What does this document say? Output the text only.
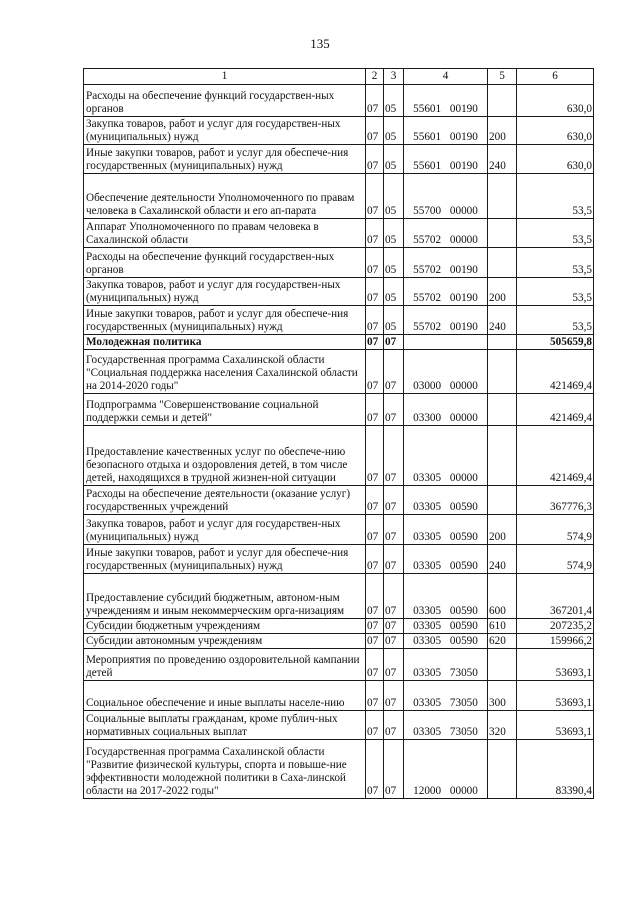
135
1	2	3	4	5	6
Расходы на обеспечение функций государствен-ных органов	07	05	55601 00190		630,0
Закупка товаров, работ и услуг для государствен-ных (муниципальных) нужд	07	05	55601 00190	200	630,0
Иные закупки товаров, работ и услуг для обеспече-ния государственных (муниципальных) нужд	07	05	55601 00190	240	630,0
Обеспечение деятельности Уполномоченного по правам человека в Сахалинской области и его ап-парата	07	05	55700 00000		53,5
Аппарат Уполномоченного по правам человека в Сахалинской области	07	05	55702 00000		53,5
Расходы на обеспечение функций государствен-ных органов	07	05	55702 00190		53,5
Закупка товаров, работ и услуг для государствен-ных (муниципальных) нужд	07	05	55702 00190	200	53,5
Иные закупки товаров, работ и услуг для обеспече-ния государственных (муниципальных) нужд	07	05	55702 00190	240	53,5
Молодежная политика	07	07			505659,8
Государственная программа Сахалинской области "Социальная поддержка населения Сахалинской области на 2014-2020 годы"	07	07	03000 00000		421469,4
Подпрограмма "Совершенствование социальной поддержки семьи и детей"	07	07	03300 00000		421469,4
Предоставление качественных услуг по обеспече-нию безопасного отдыха и оздоровления детей, в том числе детей, находящихся в трудной жизнен-ной ситуации	07	07	03305 00000		421469,4
Расходы на обеспечение деятельности (оказание услуг) государственных учреждений	07	07	03305 00590		367776,3
Закупка товаров, работ и услуг для государствен-ных (муниципальных) нужд	07	07	03305 00590	200	574,9
Иные закупки товаров, работ и услуг для обеспече-ния государственных (муниципальных) нужд	07	07	03305 00590	240	574,9
Предоставление субсидий бюджетным, автоном-ным учреждениям и иным некоммерческим орга-низациям	07	07	03305 00590	600	367201,4
Субсидии бюджетным учреждениям	07	07	03305 00590	610	207235,2
Субсидии автономным учреждениям	07	07	03305 00590	620	159966,2
Мероприятия по проведению оздоровительной кампании детей	07	07	03305 73050		53693,1
Социальное обеспечение и иные выплаты населе-нию	07	07	03305 73050	300	53693,1
Социальные выплаты гражданам, кроме публич-ных нормативных социальных выплат	07	07	03305 73050	320	53693,1
Государственная программа Сахалинской области "Развитие физической культуры, спорта и повыше-ние эффективности молодежной политики в Саха-линской области на 2017-2022 годы"	07	07	12000 00000		83390,4
